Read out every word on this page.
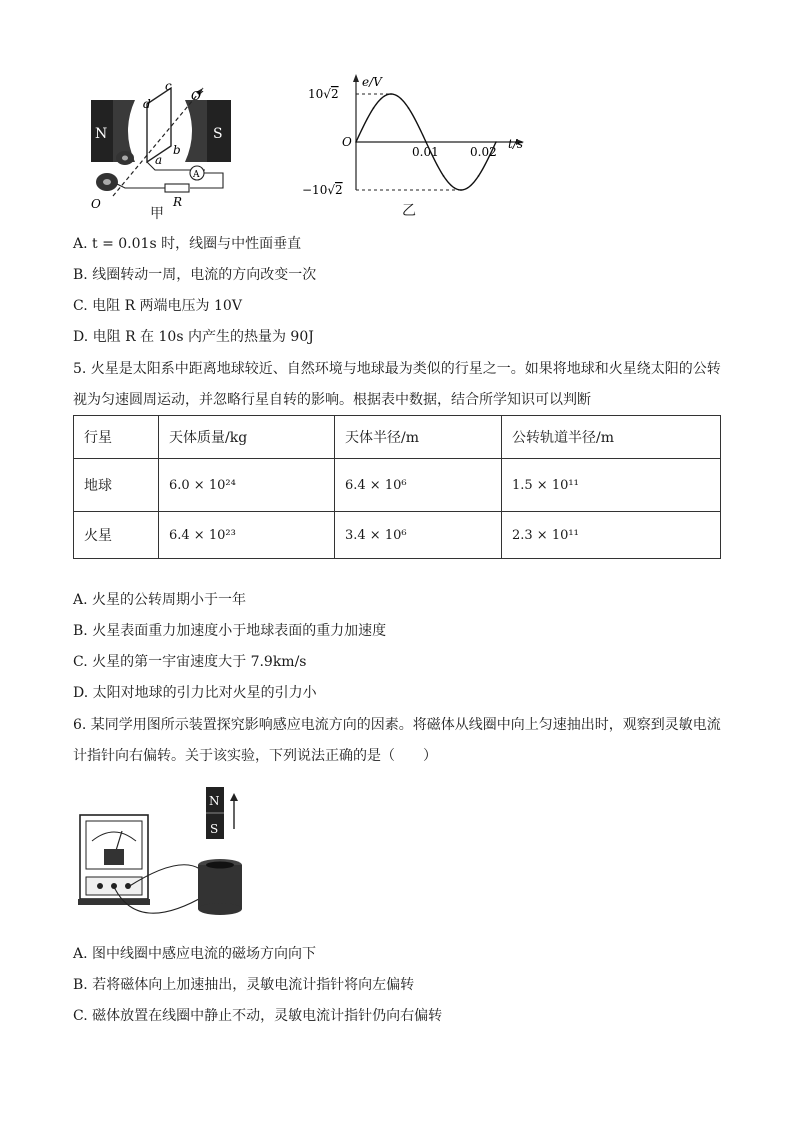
N	S
A
R
c
d
a
b
O′
O
甲
e/V
t/s
O
0.01	0.02
10√2
−10√2
乙
A. t = 0.01s 时，线圈与中性面垂直
B. 线圈转动一周，电流的方向改变一次
C. 电阻 R 两端电压为 10V
D. 电阻 R 在 10s 内产生的热量为 90J
5. 火星是太阳系中距离地球较近、自然环境与地球最为类似的行星之一。如果将地球和火星绕太阳的公转
视为匀速圆周运动，并忽略行星自转的影响。根据表中数据，结合所学知识可以判断
行星	天体质量/kg	天体半径/m	公转轨道半径/m
地球	6.0 × 10²⁴	6.4 × 10⁶	1.5 × 10¹¹
火星	6.4 × 10²³	3.4 × 10⁶	2.3 × 10¹¹
A. 火星的公转周期小于一年
B. 火星表面重力加速度小于地球表面的重力加速度
C. 火星的第一宇宙速度大于 7.9km/s
D. 太阳对地球的引力比对火星的引力小
6. 某同学用图所示装置探究影响感应电流方向的因素。将磁体从线圈中向上匀速抽出时，观察到灵敏电流
计指针向右偏转。关于该实验，下列说法正确的是（　　）
N
S
A. 图中线圈中感应电流的磁场方向向下
B. 若将磁体向上加速抽出，灵敏电流计指针将向左偏转
C. 磁体放置在线圈中静止不动，灵敏电流计指针仍向右偏转
